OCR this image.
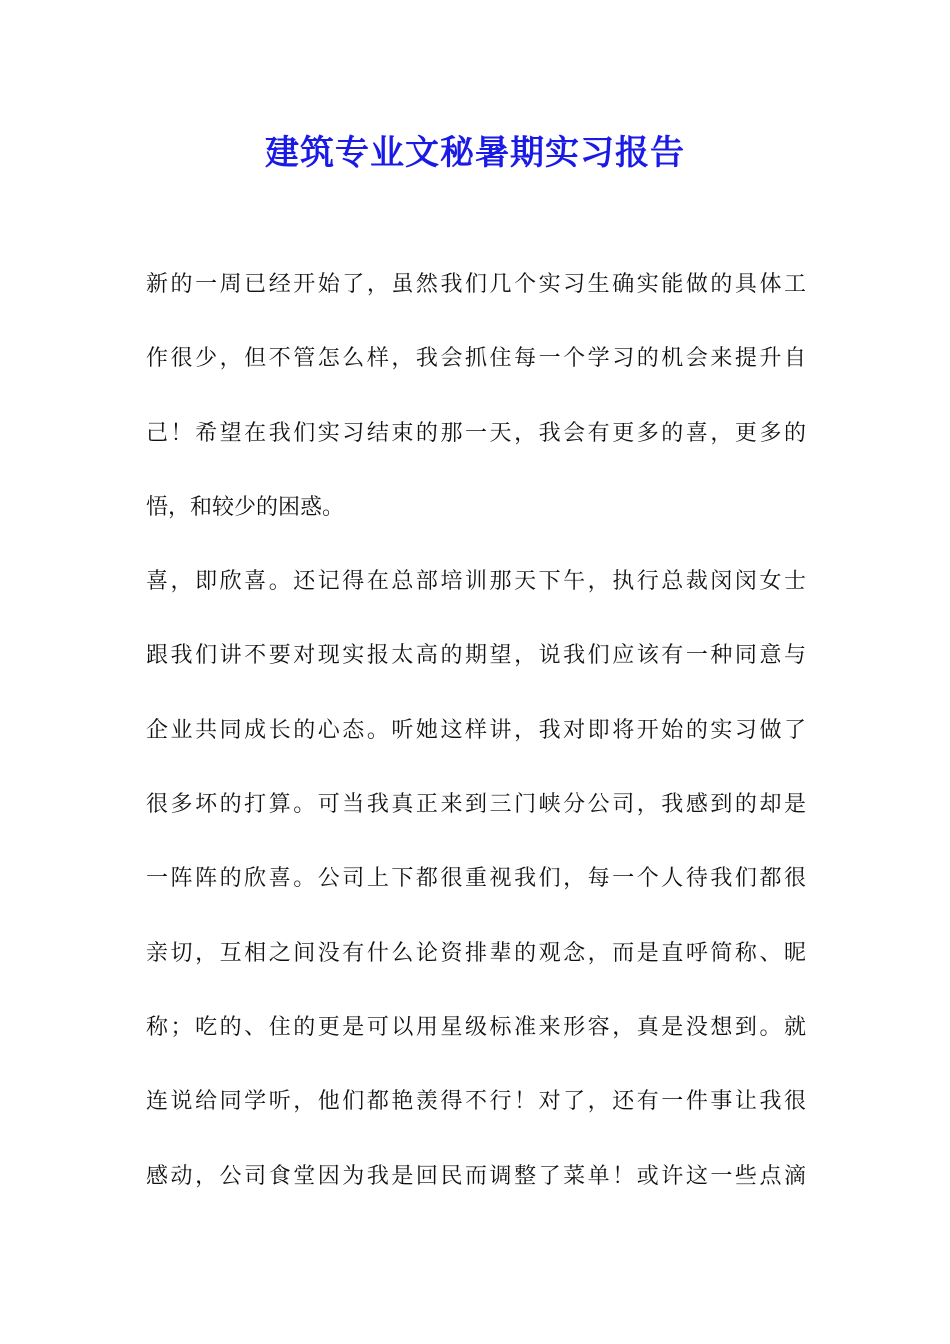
建筑专业文秘暑期实习报告
新的一周已经开始了，虽然我们几个实习生确实能做的具体工
作很少，但不管怎么样，我会抓住每一个学习的机会来提升自
己！希望在我们实习结束的那一天，我会有更多的喜，更多的
悟，和较少的困惑。
喜，即欣喜。还记得在总部培训那天下午，执行总裁闵闵女士
跟我们讲不要对现实报太高的期望，说我们应该有一种同意与
企业共同成长的心态。听她这样讲，我对即将开始的实习做了
很多坏的打算。可当我真正来到三门峡分公司，我感到的却是
一阵阵的欣喜。公司上下都很重视我们，每一个人待我们都很
亲切，互相之间没有什么论资排辈的观念，而是直呼简称、昵
称；吃的、住的更是可以用星级标准来形容，真是没想到。就
连说给同学听，他们都艳羡得不行！对了，还有一件事让我很
感动，公司食堂因为我是回民而调整了菜单！或许这一些点滴
